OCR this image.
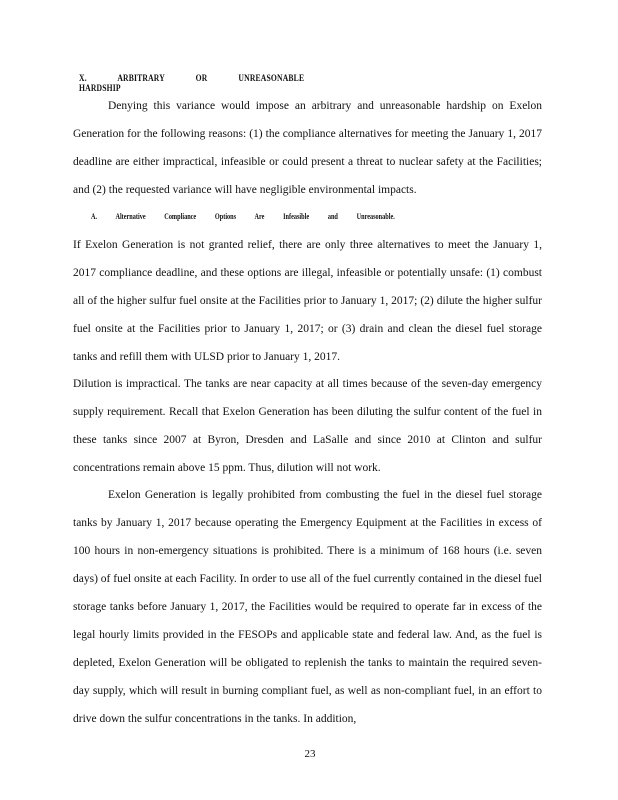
X. ARBITRARY OR UNREASONABLE HARDSHIP
Denying this variance would impose an arbitrary and unreasonable hardship on Exelon Generation for the following reasons: (1) the compliance alternatives for meeting the January 1, 2017 deadline are either impractical, infeasible or could present a threat to nuclear safety at the Facilities; and (2) the requested variance will have negligible environmental impacts.
A. Alternative Compliance Options Are Infeasible and Unreasonable.
If Exelon Generation is not granted relief, there are only three alternatives to meet the January 1, 2017 compliance deadline, and these options are illegal, infeasible or potentially unsafe: (1) combust all of the higher sulfur fuel onsite at the Facilities prior to January 1, 2017; (2) dilute the higher sulfur fuel onsite at the Facilities prior to January 1, 2017; or (3) drain and clean the diesel fuel storage tanks and refill them with ULSD prior to January 1, 2017.
Dilution is impractical. The tanks are near capacity at all times because of the seven-day emergency supply requirement. Recall that Exelon Generation has been diluting the sulfur content of the fuel in these tanks since 2007 at Byron, Dresden and LaSalle and since 2010 at Clinton and sulfur concentrations remain above 15 ppm. Thus, dilution will not work.
Exelon Generation is legally prohibited from combusting the fuel in the diesel fuel storage tanks by January 1, 2017 because operating the Emergency Equipment at the Facilities in excess of 100 hours in non-emergency situations is prohibited. There is a minimum of 168 hours (i.e. seven days) of fuel onsite at each Facility. In order to use all of the fuel currently contained in the diesel fuel storage tanks before January 1, 2017, the Facilities would be required to operate far in excess of the legal hourly limits provided in the FESOPs and applicable state and federal law. And, as the fuel is depleted, Exelon Generation will be obligated to replenish the tanks to maintain the required seven-day supply, which will result in burning compliant fuel, as well as non-compliant fuel, in an effort to drive down the sulfur concentrations in the tanks. In addition,
23
